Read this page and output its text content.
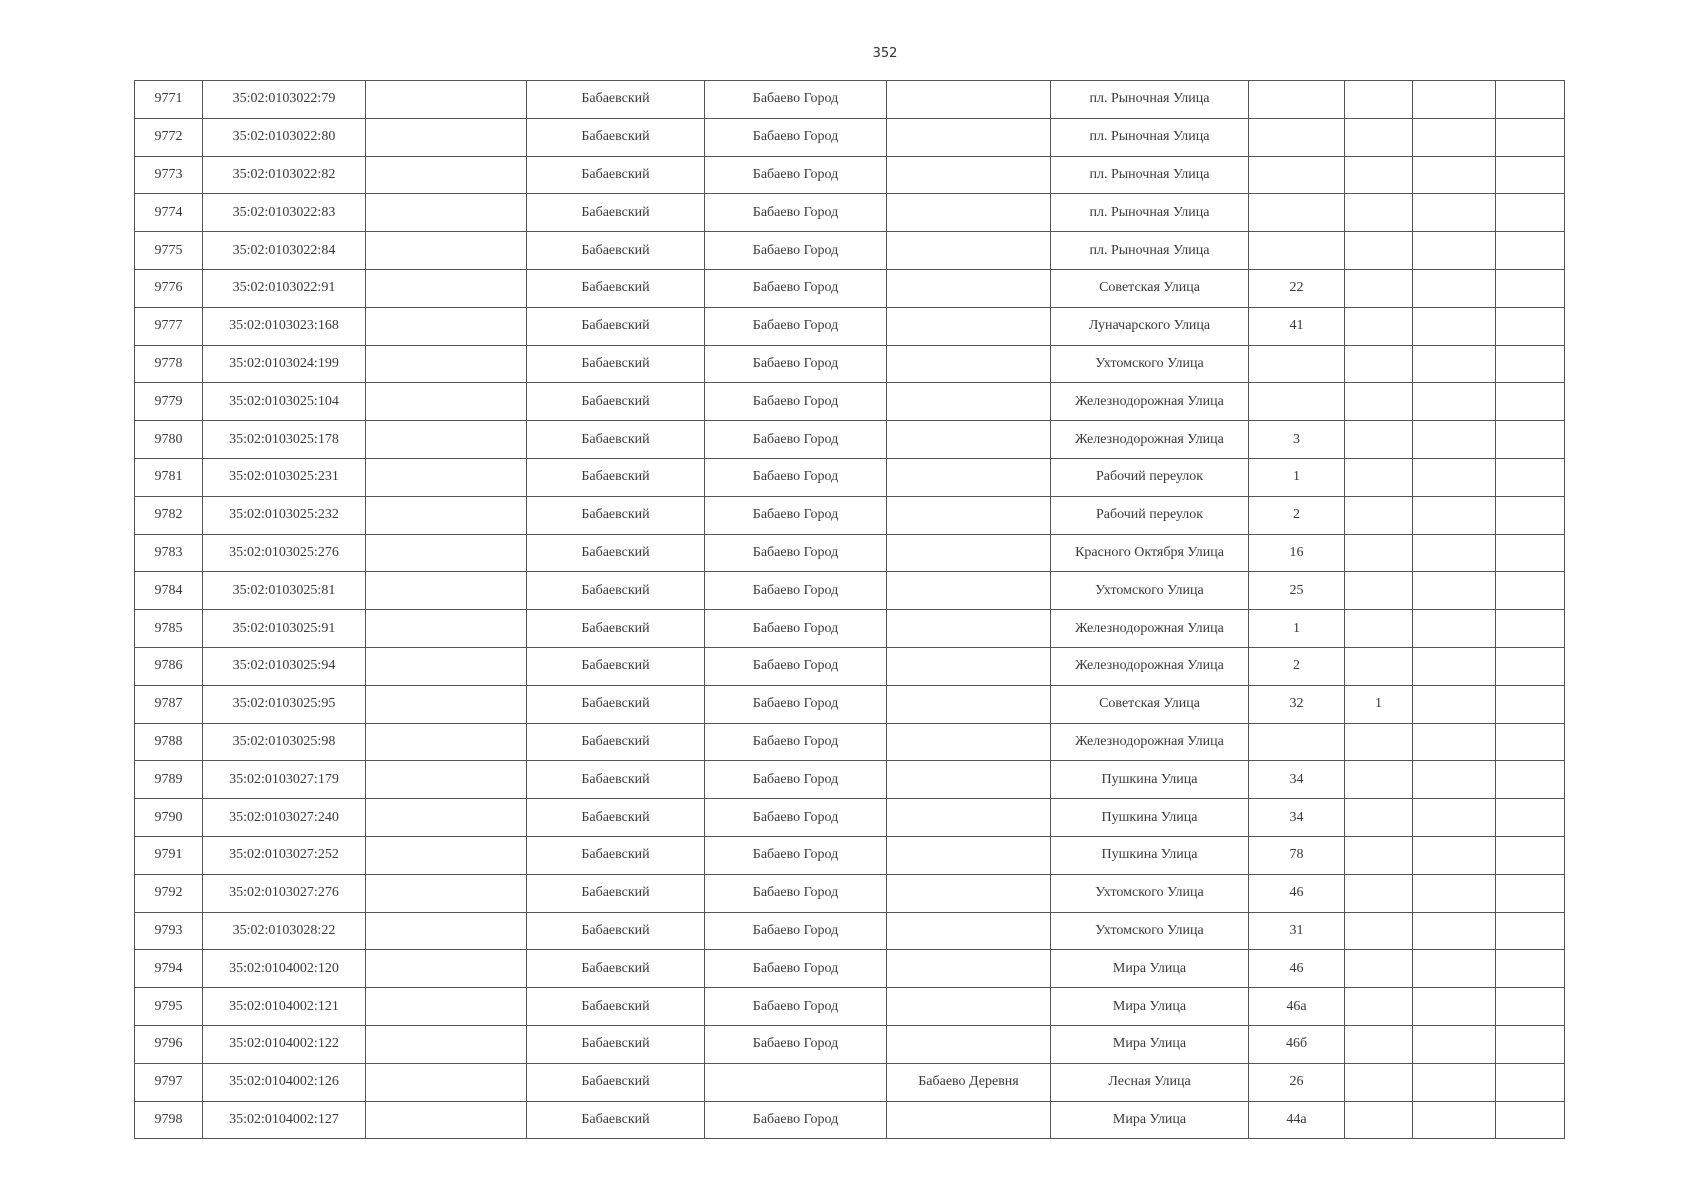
352
9771	35:02:0103022:79		Бабаевский	Бабаево Город		пл. Рыночная Улица				
9772	35:02:0103022:80		Бабаевский	Бабаево Город		пл. Рыночная Улица				
9773	35:02:0103022:82		Бабаевский	Бабаево Город		пл. Рыночная Улица				
9774	35:02:0103022:83		Бабаевский	Бабаево Город		пл. Рыночная Улица				
9775	35:02:0103022:84		Бабаевский	Бабаево Город		пл. Рыночная Улица				
9776	35:02:0103022:91		Бабаевский	Бабаево Город		Советская Улица	22			
9777	35:02:0103023:168		Бабаевский	Бабаево Город		Луначарского Улица	41			
9778	35:02:0103024:199		Бабаевский	Бабаево Город		Ухтомского Улица				
9779	35:02:0103025:104		Бабаевский	Бабаево Город		Железнодорожная Улица				
9780	35:02:0103025:178		Бабаевский	Бабаево Город		Железнодорожная Улица	3			
9781	35:02:0103025:231		Бабаевский	Бабаево Город		Рабочий переулок	1			
9782	35:02:0103025:232		Бабаевский	Бабаево Город		Рабочий переулок	2			
9783	35:02:0103025:276		Бабаевский	Бабаево Город		Красного Октября Улица	16			
9784	35:02:0103025:81		Бабаевский	Бабаево Город		Ухтомского Улица	25			
9785	35:02:0103025:91		Бабаевский	Бабаево Город		Железнодорожная Улица	1			
9786	35:02:0103025:94		Бабаевский	Бабаево Город		Железнодорожная Улица	2			
9787	35:02:0103025:95		Бабаевский	Бабаево Город		Советская Улица	32	1		
9788	35:02:0103025:98		Бабаевский	Бабаево Город		Железнодорожная Улица				
9789	35:02:0103027:179		Бабаевский	Бабаево Город		Пушкина Улица	34			
9790	35:02:0103027:240		Бабаевский	Бабаево Город		Пушкина Улица	34			
9791	35:02:0103027:252		Бабаевский	Бабаево Город		Пушкина Улица	78			
9792	35:02:0103027:276		Бабаевский	Бабаево Город		Ухтомского Улица	46			
9793	35:02:0103028:22		Бабаевский	Бабаево Город		Ухтомского Улица	31			
9794	35:02:0104002:120		Бабаевский	Бабаево Город		Мира Улица	46			
9795	35:02:0104002:121		Бабаевский	Бабаево Город		Мира Улица	46а			
9796	35:02:0104002:122		Бабаевский	Бабаево Город		Мира Улица	46б			
9797	35:02:0104002:126		Бабаевский		Бабаево Деревня	Лесная Улица	26			
9798	35:02:0104002:127		Бабаевский	Бабаево Город		Мира Улица	44а			
